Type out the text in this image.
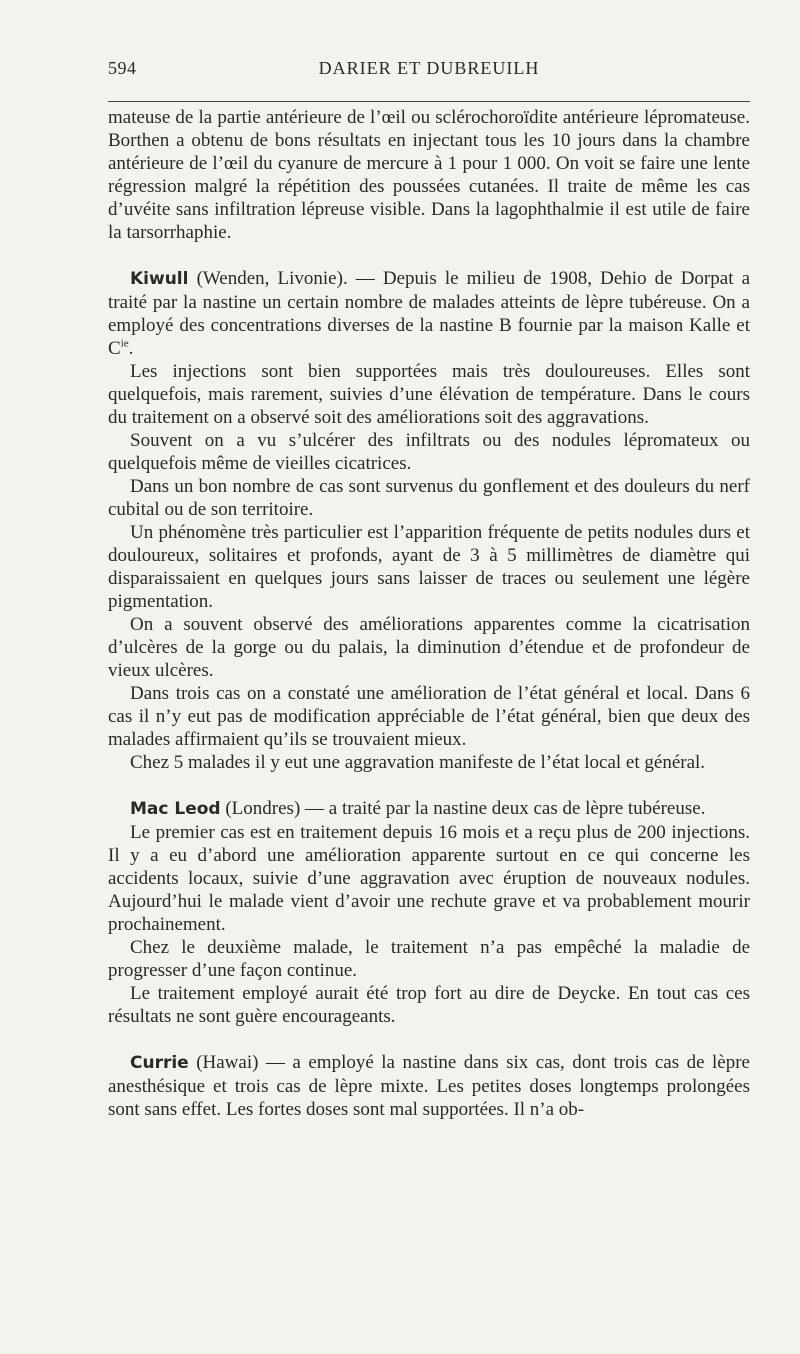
594	DARIER ET DUBREUILH

mateuse de la partie antérieure de l’œil ou sclérochoroïdite antérieure lépromateuse. Borthen a obtenu de bons résultats en injectant tous les 10 jours dans la chambre antérieure de l’œil du cyanure de mercure à 1 pour 1 000. On voit se faire une lente régression malgré la répétition des poussées cutanées. Il traite de même les cas d’uvéite sans infiltration lépreuse visible. Dans la lagophthalmie il est utile de faire la tarsorrhaphie.

Kiwull (Wenden, Livonie). — Depuis le milieu de 1908, Dehio de Dorpat a traité par la nastine un certain nombre de malades atteints de lèpre tubéreuse. On a employé des concentrations diverses de la nastine B fournie par la maison Kalle et $C^{ie}$.

Les injections sont bien supportées mais très douloureuses. Elles sont quelquefois, mais rarement, suivies d’une élévation de température. Dans le cours du traitement on a observé soit des améliorations soit des aggravations.

Souvent on a vu s’ulcérer des infiltrats ou des nodules lépromateux ou quelquefois même de vieilles cicatrices.

Dans un bon nombre de cas sont survenus du gonflement et des douleurs du nerf cubital ou de son territoire.

Un phénomène très particulier est l’apparition fréquente de petits nodules durs et douloureux, solitaires et profonds, ayant de 3 à 5 millimètres de diamètre qui disparaissaient en quelques jours sans laisser de traces ou seulement une légère pigmentation.

On a souvent observé des améliorations apparentes comme la cicatrisation d’ulcères de la gorge ou du palais, la diminution d’étendue et de profondeur de vieux ulcères.

Dans trois cas on a constaté une amélioration de l’état général et local. Dans 6 cas il n’y eut pas de modification appréciable de l’état général, bien que deux des malades affirmaient qu’ils se trouvaient mieux.

Chez 5 malades il y eut une aggravation manifeste de l’état local et général.

Mac Leod (Londres) — a traité par la nastine deux cas de lèpre tubéreuse.

Le premier cas est en traitement depuis 16 mois et a reçu plus de 200 injections. Il y a eu d’abord une amélioration apparente surtout en ce qui concerne les accidents locaux, suivie d’une aggravation avec éruption de nouveaux nodules. Aujourd’hui le malade vient d’avoir une rechute grave et va probablement mourir prochainement.

Chez le deuxième malade, le traitement n’a pas empêché la maladie de progresser d’une façon continue.

Le traitement employé aurait été trop fort au dire de Deycke. En tout cas ces résultats ne sont guère encourageants.

Currie (Hawai) — a employé la nastine dans six cas, dont trois cas de lèpre anesthésique et trois cas de lèpre mixte. Les petites doses longtemps prolongées sont sans effet. Les fortes doses sont mal supportées. Il n’a ob-
